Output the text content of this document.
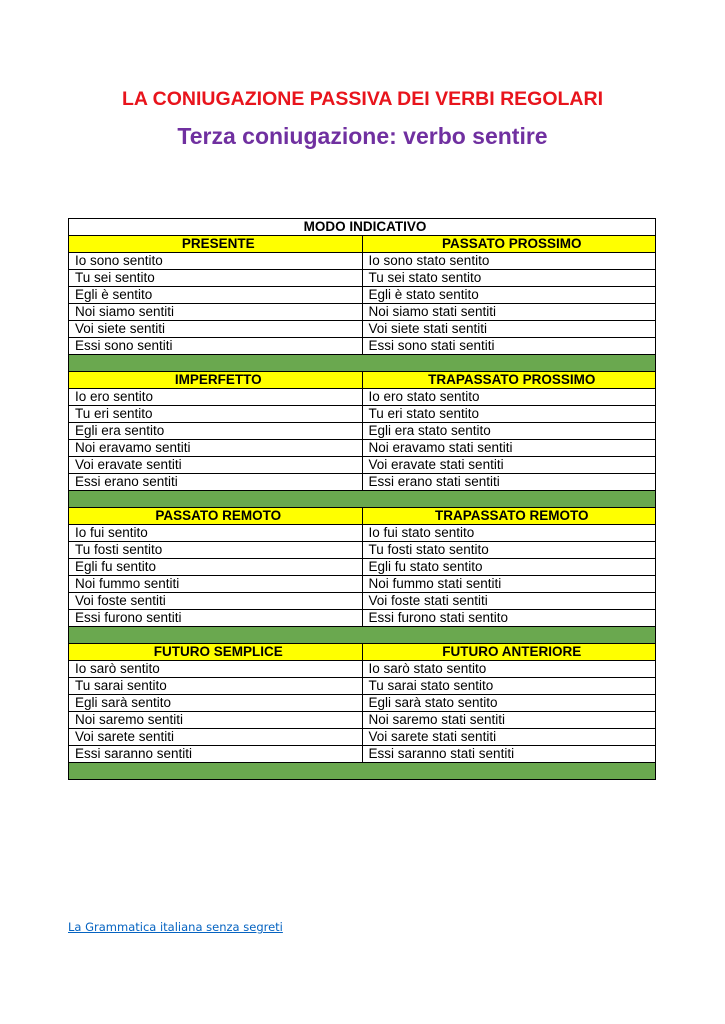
LA CONIUGAZIONE PASSIVA DEI VERBI REGOLARI
Terza coniugazione: verbo sentire
MODO INDICATIVO	
PRESENTE	PASSATO PROSSIMO
Io sono sentito	Io sono stato sentito
Tu sei sentito	Tu sei stato sentito
Egli è sentito	Egli è stato sentito
Noi siamo sentiti	Noi siamo stati sentiti
Voi siete sentiti	Voi siete stati sentiti
Essi sono sentiti	Essi sono stati sentiti

IMPERFETTO	TRAPASSATO PROSSIMO
Io ero sentito	Io ero stato sentito
Tu eri sentito	Tu eri stato sentito
Egli era sentito	Egli era stato sentito
Noi eravamo sentiti	Noi eravamo stati sentiti
Voi eravate sentiti	Voi eravate stati sentiti
Essi erano sentiti	Essi erano stati sentiti

PASSATO REMOTO	TRAPASSATO REMOTO
Io fui sentito	Io fui stato sentito
Tu fosti sentito	Tu fosti stato sentito
Egli fu sentito	Egli fu stato sentito
Noi fummo sentiti	Noi fummo stati sentiti
Voi foste sentiti	Voi foste stati sentiti
Essi furono sentiti	Essi furono stati sentito

FUTURO SEMPLICE	FUTURO ANTERIORE
Io sarò sentito	Io sarò stato sentito
Tu sarai sentito	Tu sarai stato sentito
Egli sarà sentito	Egli sarà stato sentito
Noi saremo sentiti	Noi saremo stati sentiti
Voi sarete sentiti	Voi sarete stati sentiti
Essi saranno sentiti	Essi saranno stati sentiti

La Grammatica italiana senza segreti
